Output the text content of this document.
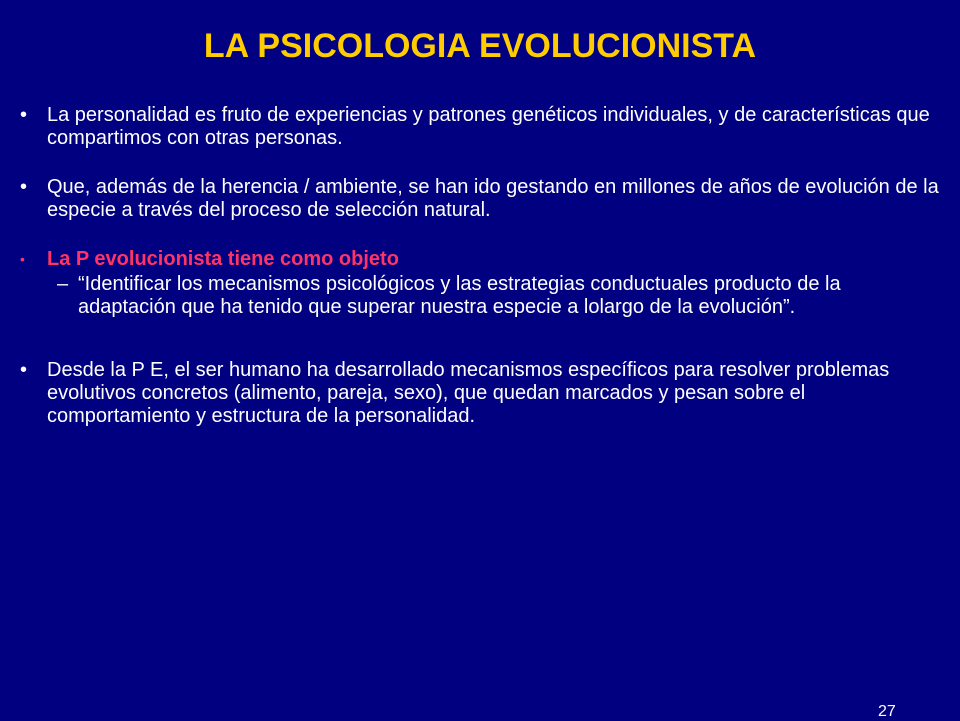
LA PSICOLOGIA EVOLUCIONISTA
• La personalidad es fruto de experiencias y patrones genéticos individuales, y de características que compartimos con otras personas.
• Que, además de la herencia / ambiente, se han ido gestando en millones de años de evolución de la especie a través del proceso de selección natural.
•	La P evolucionista tiene como objeto
– “Identificar los mecanismos psicológicos y las estrategias conductuales producto de la adaptación que ha tenido que superar nuestra especie a lolargo de la evolución”.
• Desde la P E, el ser humano ha desarrollado mecanismos específicos para resolver problemas evolutivos concretos (alimento, pareja, sexo), que quedan marcados y pesan sobre el comportamiento y estructura de la personalidad.
27
